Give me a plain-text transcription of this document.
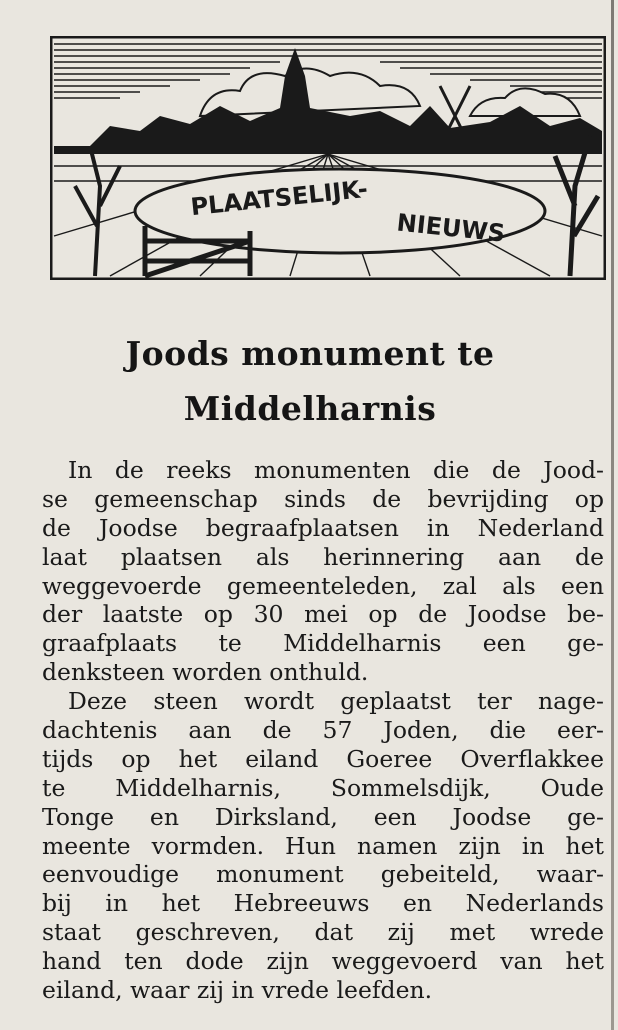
PLAATSELIJK-
NIEUWS
Joods monument te
Middelharnis
In de reeks monumenten die de Jood-
se gemeenschap sinds de bevrijding op
de Joodse begraafplaatsen in Nederland
laat plaatsen als herinnering aan de
weggevoerde gemeenteleden, zal als een
der laatste op 30 mei op de Joodse be-
graafplaats te Middelharnis een ge-
denksteen worden onthuld.
Deze steen wordt geplaatst ter nage-
dachtenis aan de 57 Joden, die eer-
tijds op het eiland Goeree Overflakkee
te Middelharnis, Sommelsdijk, Oude
Tonge en Dirksland, een Joodse ge-
meente vormden. Hun namen zijn in het
eenvoudige monument gebeiteld, waar-
bij in het Hebreeuws en Nederlands
staat geschreven, dat zij met wrede
hand ten dode zijn weggevoerd van het
eiland, waar zij in vrede leefden.
